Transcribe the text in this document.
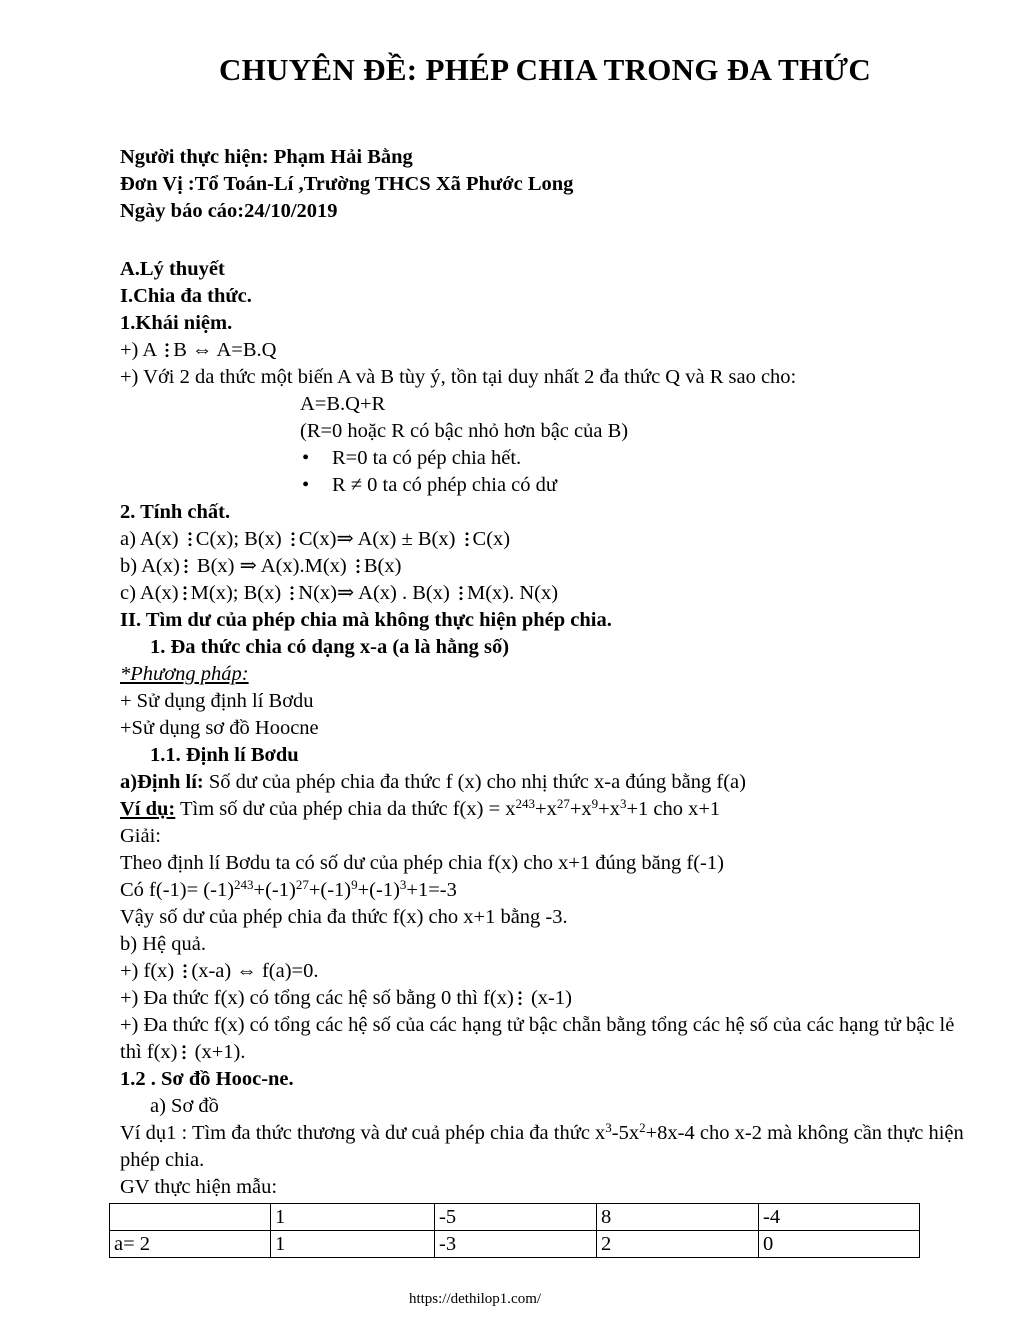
CHUYÊN ĐỀ: PHÉP CHIA TRONG ĐA THỨC
Người thực hiện: Phạm Hải Bằng
Đơn Vị :Tổ Toán-Lí ,Trường THCS Xã Phước Long
Ngày báo cáo:24/10/2019
A.Lý thuyết
I.Chia đa thức.
1.Khái niệm.
+) A B ⇔ A=B.Q
+) Với 2 da thức một biến A và B tùy ý, tồn tại duy nhất 2 đa thức Q và R sao cho:
A=B.Q+R
(R=0 hoặc R có bậc nhỏ hơn bậc của B)
• R=0 ta có pép chia hết.
• R ≠ 0 ta có phép chia có dư
2. Tính chất.
a) A(x) C(x); B(x) C(x)⇒ A(x) ± B(x) C(x)
b) A(x) B(x) ⇒ A(x).M(x) B(x)
c) A(x) M(x); B(x) N(x)⇒ A(x) . B(x) M(x). N(x)
II. Tìm dư của phép chia mà không thực hiện phép chia.
1. Đa thức chia có dạng x-a (a là hằng số)
*Phương pháp:
+ Sử dụng định lí Bơdu
+Sử dụng sơ đồ Hoocne
1.1. Định lí Bơdu
a)Định lí: Số dư của phép chia đa thức f (x) cho nhị thức x-a đúng bằng f(a)
Ví dụ: Tìm số dư của phép chia da thức $f(x) = x^{243}+x^{27}+x^9+x^3+1$ cho x+1
Giải:
Theo định lí Bơdu ta có số dư của phép chia f(x) cho x+1 đúng băng f(-1)
Có $f(-1)= (-1)^{243}+(-1)^{27}+(-1)^9+(-1)^3+1=-3$
Vậy số dư của phép chia đa thức f(x) cho x+1 bằng -3.
b) Hệ quả.
+) f(x) (x-a) ⇔ f(a)=0.
+) Đa thức f(x) có tổng các hệ số bằng 0 thì f(x) (x-1)
+) Đa thức f(x) có tổng các hệ số của các hạng tử bậc chẵn bằng tổng các hệ số của các hạng tử bậc lẻ thì f(x) (x+1).
1.2 . Sơ đồ Hooc-ne.
a) Sơ đồ
Ví dụ1 : Tìm đa thức thương và dư cuả phép chia đa thức $x^3-5x^2+8x-4$ cho x-2 mà không cần thực hiện phép chia.
GV thực hiện mẫu:
	1	-5	8	-4
a= 2	1	-3	2	0
https://dethilop1.com/
